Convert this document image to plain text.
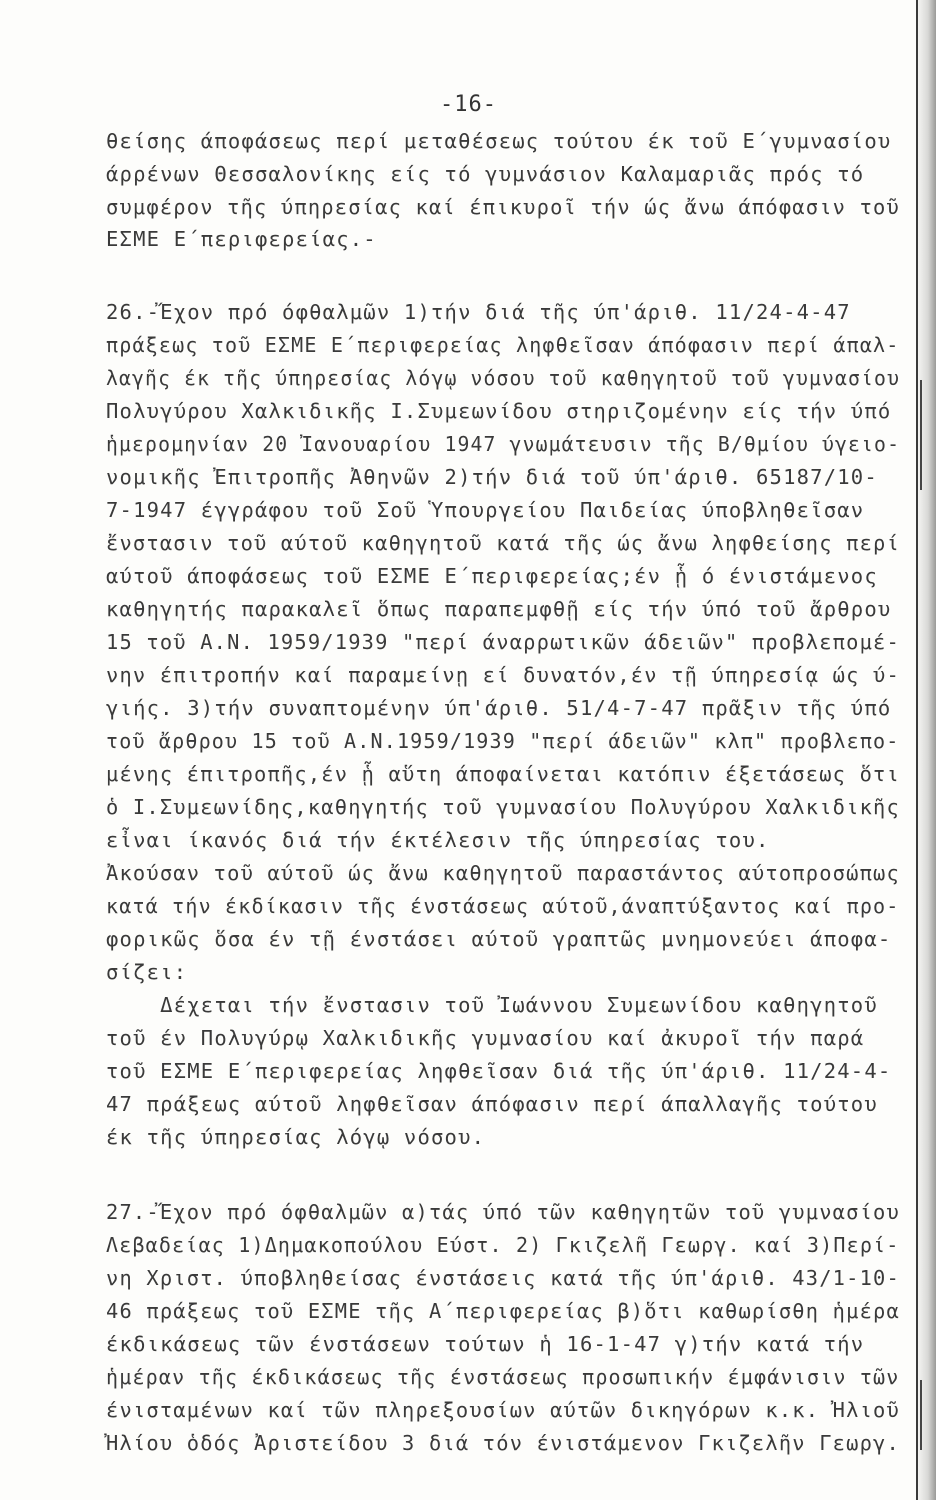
-16-
θείσης άποφάσεως περί μεταθέσεως τούτου έκ τοῦ Ε΄γυμνασίου
άρρένων Θεσσαλονίκης είς τό γυμνάσιον Καλαμαριᾶς πρός τό
συμφέρον τῆς ύπηρεσίας καί έπικυροῖ τήν ώς ἄνω άπόφασιν τοῦ
ΕΣΜΕ Ε΄περιφερείας.-
26.-Ἔχον πρό όφθαλμῶν 1)τήν διά τῆς ύπ'άριθ. 11/24-4-47
πράξεως τοῦ ΕΣΜΕ Ε΄περιφερείας ληφθεῖσαν άπόφασιν περί άπαλ-
λαγῆς έκ τῆς ύπηρεσίας λόγῳ νόσου τοῦ καθηγητοῦ τοῦ γυμνασίου
Πολυγύρου Χαλκιδικῆς Ι.Συμεωνίδου στηριζομένην είς τήν ύπό
ἡμερομηνίαν 20 Ἰανουαρίου 1947 γνωμάτευσιν τῆς Β/θμίου ύγειο-
νομικῆς Ἐπιτροπῆς Ἀθηνῶν 2)τήν διά τοῦ ύπ'άριθ. 65187/10-
7-1947 έγγράφου τοῦ Σοῦ Ὑπουργείου Παιδείας ύποβληθεῖσαν
ἔνστασιν τοῦ αύτοῦ καθηγητοῦ κατά τῆς ώς ἄνω ληφθείσης περί
αύτοῦ άποφάσεως τοῦ ΕΣΜΕ Ε΄περιφερείας;έν ᾗ ό ένιστάμενος
καθηγητής παρακαλεῖ ὅπως παραπεμφθῇ είς τήν ύπό τοῦ ἄρθρου
15 τοῦ Α.Ν. 1959/1939 "περί άναρρωτικῶν άδειῶν" προβλεπομέ-
νην έπιτροπήν καί παραμείνῃ εί δυνατόν,έν τῇ ύπηρεσίᾳ ώς ύ-
γιής. 3)τήν συναπτομένην ύπ'άριθ. 51/4-7-47 πρᾶξιν τῆς ύπό
τοῦ ἄρθρου 15 τοῦ Α.Ν.1959/1939 "περί άδειῶν" κλπ" προβλεπο-
μένης έπιτροπῆς,έν ᾗ αὕτη άποφαίνεται κατόπιν έξετάσεως ὅτι
ὁ Ι.Συμεωνίδης,καθηγητής τοῦ γυμνασίου Πολυγύρου Χαλκιδικῆς
εἶναι ίκανός διά τήν έκτέλεσιν τῆς ύπηρεσίας του.
Ἀκούσαν τοῦ αύτοῦ ώς ἄνω καθηγητοῦ παραστάντος αύτοπροσώπως
κατά τήν έκδίκασιν τῆς ένστάσεως αύτοῦ,άναπτύξαντος καί προ-
φορικῶς ὅσα έν τῇ ένστάσει αύτοῦ γραπτῶς μνημονεύει άποφα-
σίζει:
Δέχεται τήν ἔνστασιν τοῦ Ἰωάννου Συμεωνίδου καθηγητοῦ
τοῦ έν Πολυγύρῳ Χαλκιδικῆς γυμνασίου καί ἀκυροῖ τήν παρά
τοῦ ΕΣΜΕ Ε΄περιφερείας ληφθεῖσαν διά τῆς ύπ'άριθ. 11/24-4-
47 πράξεως αύτοῦ ληφθεῖσαν άπόφασιν περί άπαλλαγῆς τούτου
έκ τῆς ύπηρεσίας λόγῳ νόσου.
27.-Ἔχον πρό όφθαλμῶν α)τάς ύπό τῶν καθηγητῶν τοῦ γυμνασίου
Λεβαδείας 1)Δημακοπούλου Εύστ. 2) Γκιζελῆ Γεωργ. καί 3)Περί-
νη Χριστ. ύποβληθείσας ένστάσεις κατά τῆς ύπ'άριθ. 43/1-10-
46 πράξεως τοῦ ΕΣΜΕ τῆς Α΄περιφερείας β)ὅτι καθωρίσθη ἡμέρα
έκδικάσεως τῶν ένστάσεων τούτων ἡ 16-1-47 γ)τήν κατά τήν
ἡμέραν τῆς έκδικάσεως τῆς ένστάσεως προσωπικήν έμφάνισιν τῶν
ένισταμένων καί τῶν πληρεξουσίων αύτῶν δικηγόρων κ.κ. Ἠλιοῦ
Ἠλίου ὁδός Ἀριστείδου 3 διά τόν ένιστάμενον Γκιζελῆν Γεωργ.
